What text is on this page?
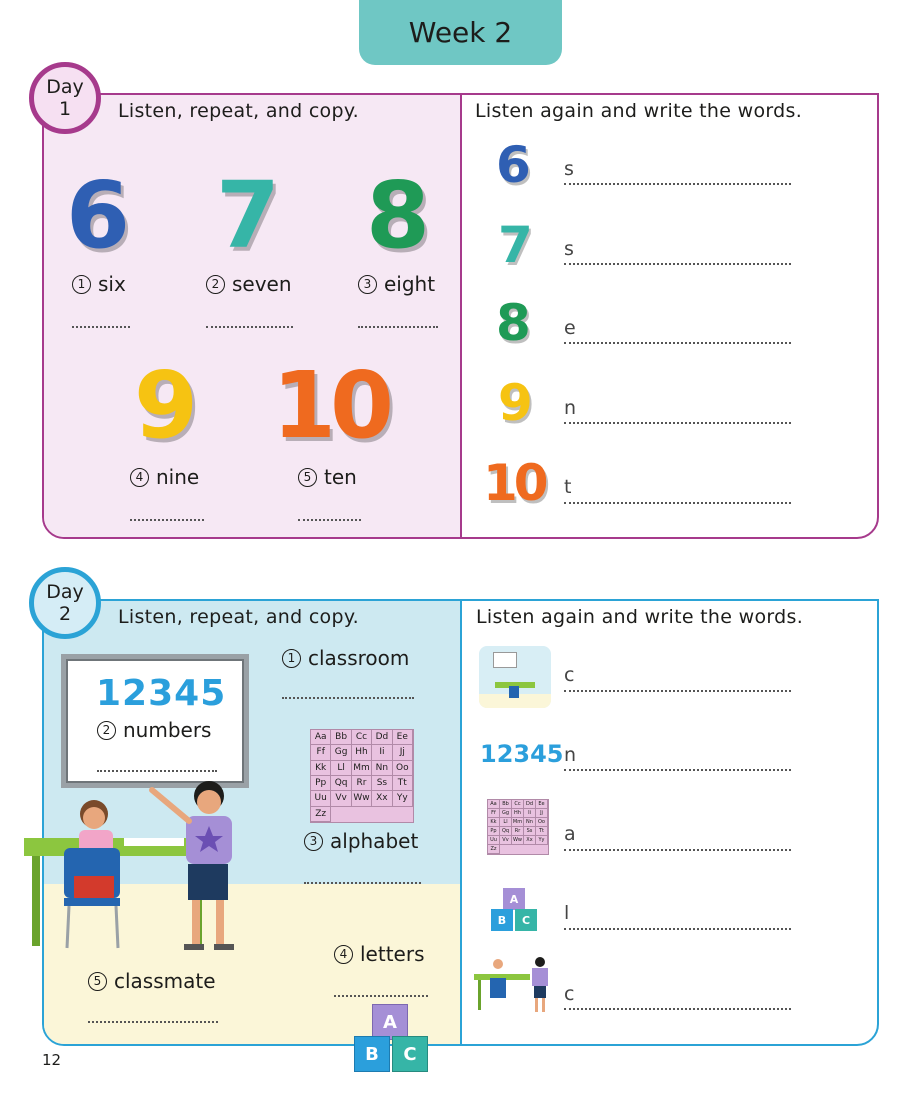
Week 2
Day
1 Listen, repeat, and copy.	Listen again and write the words.
6 7 8
9 10
1 six	2 seven	3 eight
4 nine	5 ten
6 s
7 s
8 e
9 n
10 t
Day
2 Listen, repeat, and copy.	Listen again and write the words.
12345
2 numbers
1 classroom
Aa Bb Cc Dd Ee
Ff	Gg Hh	Ii	Jj
Kk	Ll Mm Nn Oo
Pp Qq	Rr	Ss	Tt
Uu Vv Ww Xx	Yy
Zz
3 alphabet
4 letters
5 classmate
A
B	C
c
12345 n
Aa	Bb	Cc	Dd	Ee
Ff	Gg	Hh	Ii	Jj
Kk	Ll	Mm Nn	Oo
Pp	Qq	Rr	Ss	Tt
Uu	Vv Ww Xx	Yy
Zz
a
A
B	C	l
c
12
